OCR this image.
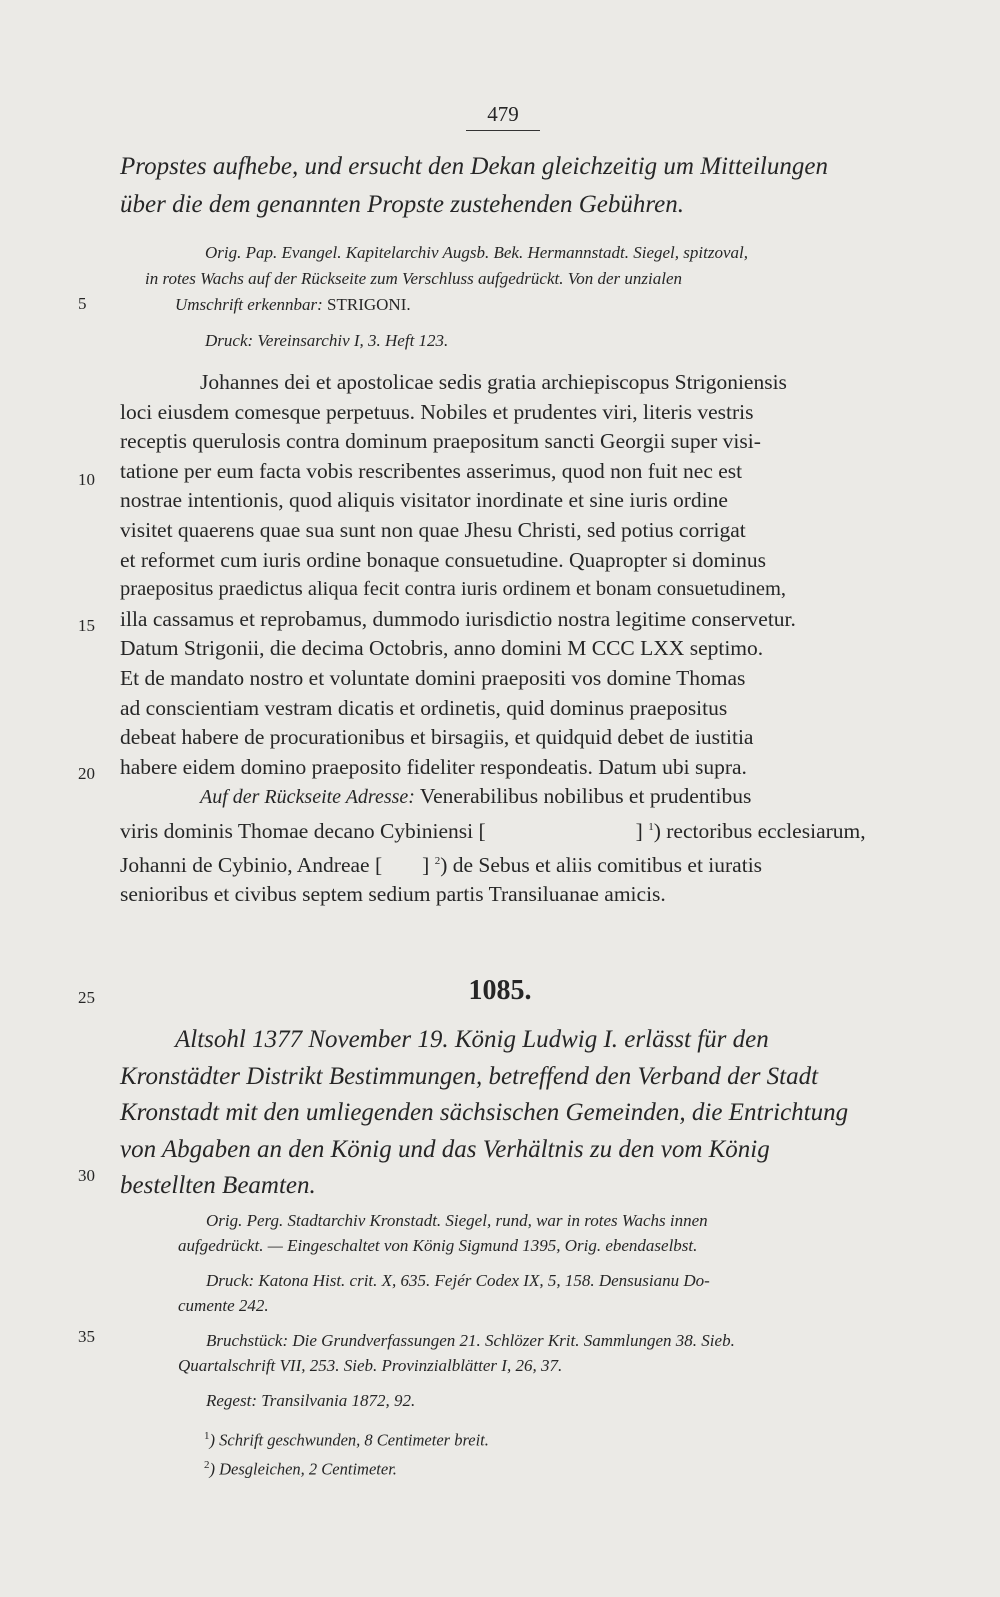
479
5
10
15
20
25
30
35
Propstes aufhebe, und ersucht den Dekan gleichzeitig um Mitteilungen
über die dem genannten Propste zustehenden Gebühren.
Orig. Pap. Evangel. Kapitelarchiv Augsb. Bek. Hermannstadt. Siegel, spitzoval,
in rotes Wachs auf der Rückseite zum Verschluss aufgedrückt. Von der unzialen
Umschrift erkennbar: STRIGONI.
Druck: Vereinsarchiv I, 3. Heft 123.
Johannes dei et apostolicae sedis gratia archiepiscopus Strigoniensis
loci eiusdem comesque perpetuus. Nobiles et prudentes viri, literis vestris
receptis querulosis contra dominum praepositum sancti Georgii super visi-
tatione per eum facta vobis rescribentes asserimus, quod non fuit nec est
nostrae intentionis, quod aliquis visitator inordinate et sine iuris ordine
visitet quaerens quae sua sunt non quae Jhesu Christi, sed potius corrigat
et reformet cum iuris ordine bonaque consuetudine. Quapropter si dominus
praepositus praedictus aliqua fecit contra iuris ordinem et bonam consuetudinem,
illa cassamus et reprobamus, dummodo iurisdictio nostra legitime conservetur.
Datum Strigonii, die decima Octobris, anno domini M CCC LXX septimo.
Et de mandato nostro et voluntate domini praepositi vos domine Thomas
ad conscientiam vestram dicatis et ordinetis, quid dominus praepositus
debeat habere de procurationibus et birsagiis, et quidquid debet de iustitia
habere eidem domino praeposito fideliter respondeatis. Datum ubi supra.
Auf der Rückseite Adresse: Venerabilibus nobilibus et prudentibus
viris dominis Thomae decano Cybiniensi [	] $^1$) rectoribus ecclesiarum,
Johanni de Cybinio, Andreae [ ] $^2$) de Sebus et aliis comitibus et iuratis
senioribus et civibus septem sedium partis Transiluanae amicis.
1085.
Altsohl 1377 November 19. König Ludwig I. erlässt für den
Kronstädter Distrikt Bestimmungen, betreffend den Verband der Stadt
Kronstadt mit den umliegenden sächsischen Gemeinden, die Entrichtung
von Abgaben an den König und das Verhältnis zu den vom König
bestellten Beamten.
Orig. Perg. Stadtarchiv Kronstadt. Siegel, rund, war in rotes Wachs innen
aufgedrückt. — Eingeschaltet von König Sigmund 1395, Orig. ebendaselbst.
Druck: Katona Hist. crit. X, 635. Fejér Codex IX, 5, 158. Densusianu Do-
cumente 242.
Bruchstück: Die Grundverfassungen 21. Schlözer Krit. Sammlungen 38. Sieb.
Quartalschrift VII, 253. Sieb. Provinzialblätter I, 26, 37.
Regest: Transilvania 1872, 92.
$^1$) Schrift geschwunden, 8 Centimeter breit.
$^2$) Desgleichen, 2 Centimeter.
